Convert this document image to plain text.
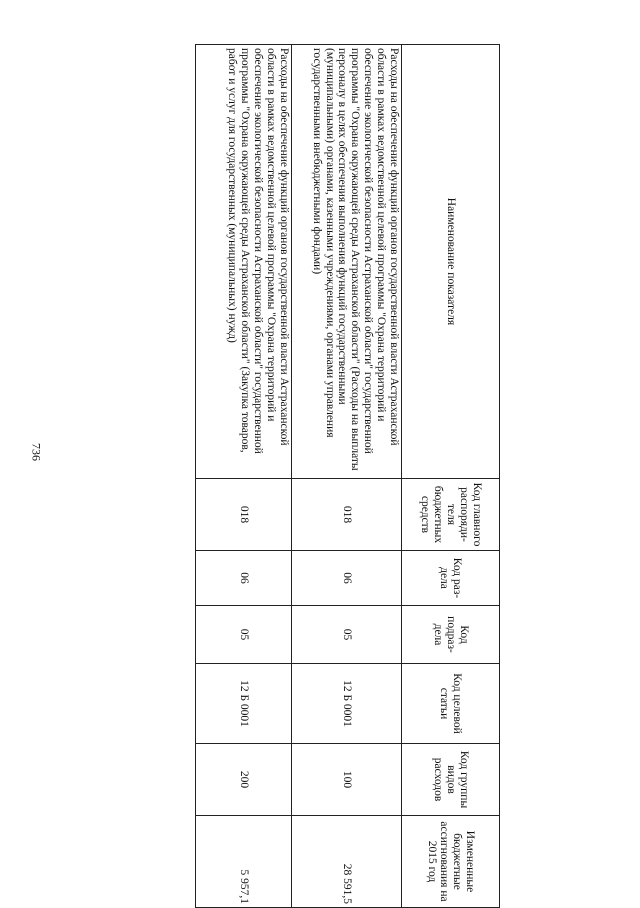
736
Наименование показателя	Код главного распоряди-теля бюджетных средств	Код раз-дела	Код подраз-дела	Код целевой статьи	Код группы видов расходов	Измененные бюджетные ассигнования на 2015 год
Расходы на обеспечение функций органов государственной власти Астраханской области в рамках ведомственной целевой программы "Охрана территорий и обеспечение экологической безопасности Астраханской области" государственной программы "Охрана окружающей среды Астраханской области" (Расходы на выплаты персоналу в целях обеспечения выполнения функций государственными (муниципальными) органами, казенными учреждениями, органами управления государственными внебюджетными фондами)	018	06	05	12 Б 0001	100	28 591,5
Расходы на обеспечение функций органов государственной власти Астраханской области в рамках ведомственной целевой программы "Охрана территорий и обеспечение экологической безопасности Астраханской области" государственной программы "Охрана окружающей среды Астраханской области" (Закупка товаров, работ и услуг для государственных (муниципальных) нужд)	018	06	05	12 Б 0001	200	5 957,1
